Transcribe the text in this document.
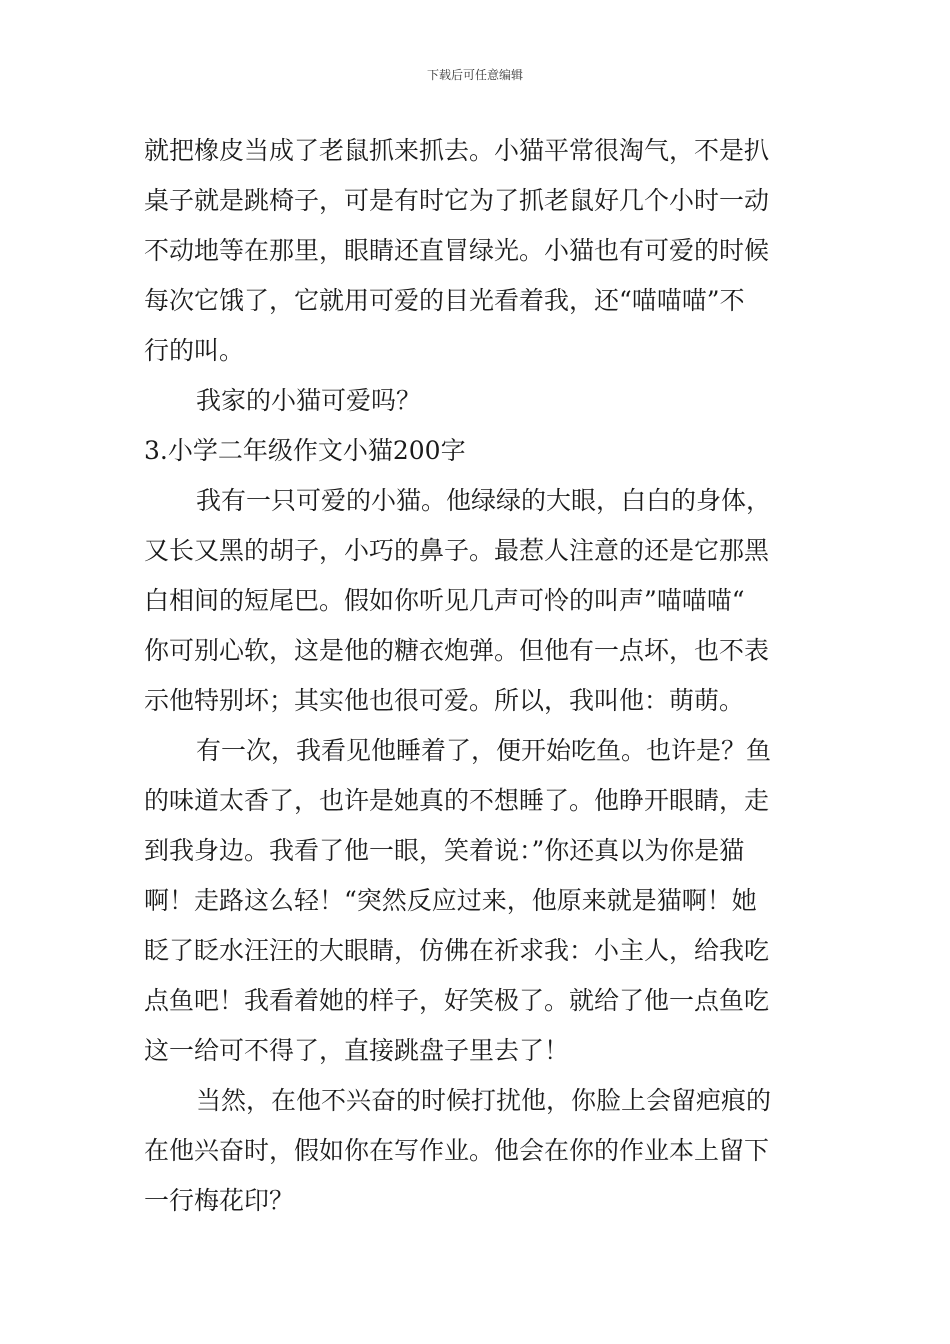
下载后可任意编辑
就把橡皮当成了老鼠抓来抓去。小猫平常很淘气，不是扒
桌子就是跳椅子，可是有时它为了抓老鼠好几个小时一动
不动地等在那里，眼睛还直冒绿光。小猫也有可爱的时候
每次它饿了，它就用可爱的目光看着我，还“喵喵喵”不
行的叫。
我家的小猫可爱吗？
3.小学二年级作文小猫200字
我有一只可爱的小猫。他绿绿的大眼，白白的身体，
又长又黑的胡子，小巧的鼻子。最惹人注意的还是它那黑
白相间的短尾巴。假如你听见几声可怜的叫声”喵喵喵“
你可别心软，这是他的糖衣炮弹。但他有一点坏，也不表
示他特别坏；其实他也很可爱。所以，我叫他：萌萌。
有一次，我看见他睡着了，便开始吃鱼。也许是？鱼
的味道太香了，也许是她真的不想睡了。他睁开眼睛，走
到我身边。我看了他一眼，笑着说：”你还真以为你是猫
啊！走路这么轻！“突然反应过来，他原来就是猫啊！她
眨了眨水汪汪的大眼睛，仿佛在祈求我：小主人，给我吃
点鱼吧！我看着她的样子，好笑极了。就给了他一点鱼吃
这一给可不得了，直接跳盘子里去了！
当然，在他不兴奋的时候打扰他，你脸上会留疤痕的
在他兴奋时，假如你在写作业。他会在你的作业本上留下
一行梅花印？
